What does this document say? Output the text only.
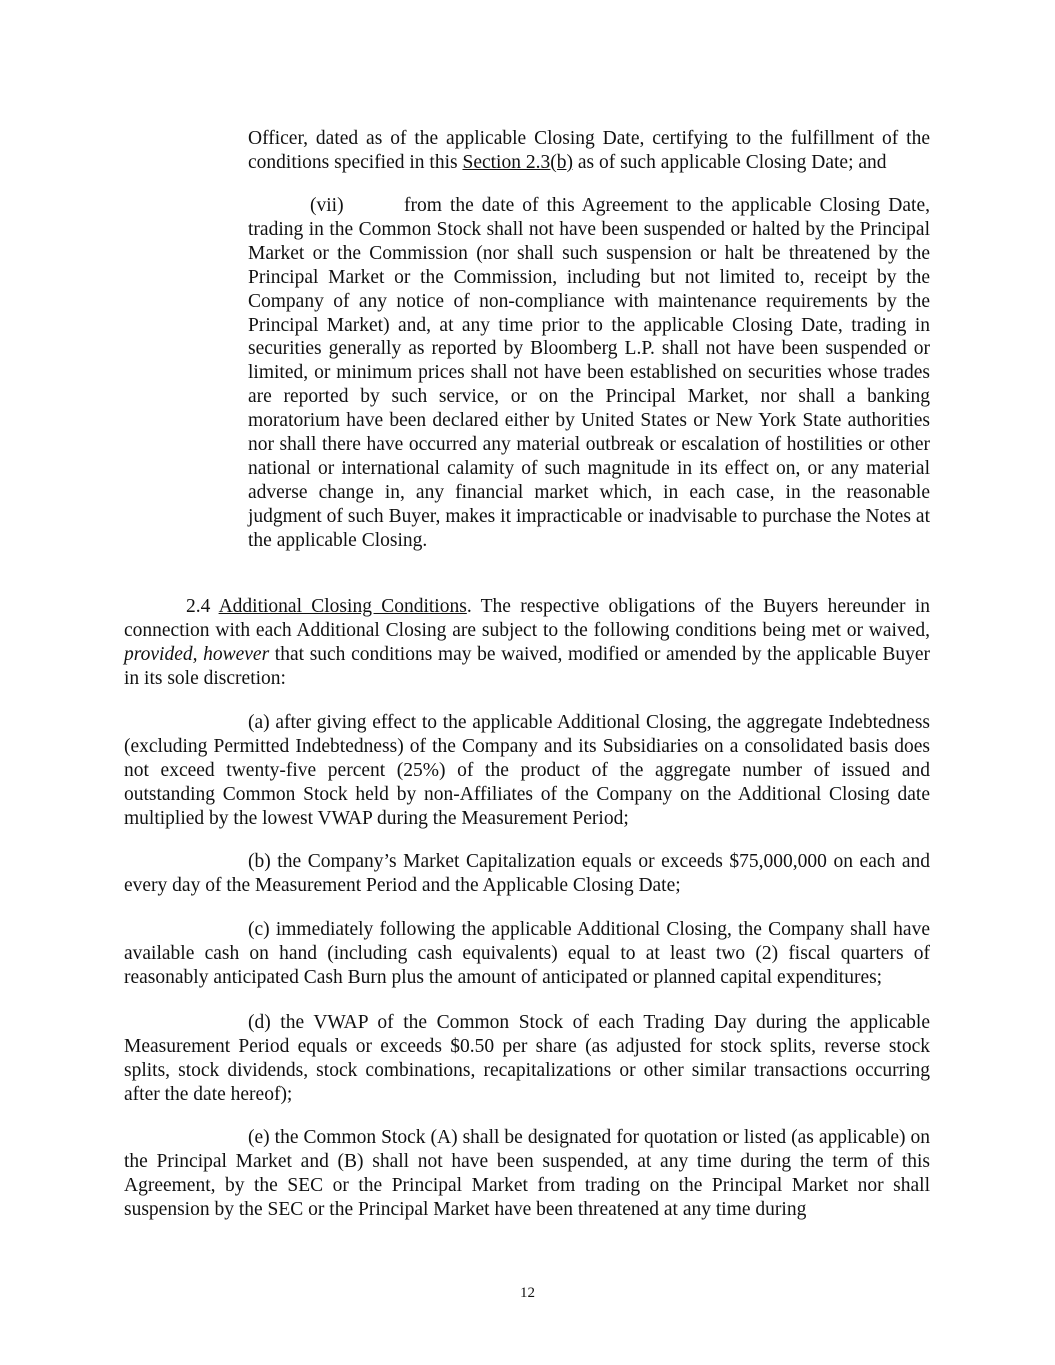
Officer, dated as of the applicable Closing Date, certifying to the fulfillment of the conditions specified in this Section 2.3(b) as of such applicable Closing Date; and

(vii)	from the date of this Agreement to the applicable Closing Date, trading in the Common Stock shall not have been suspended or halted by the Principal Market or the Commission (nor shall such suspension or halt be threatened by the Principal Market or the Commission, including but not limited to, receipt by the Company of any notice of non-compliance with maintenance requirements by the Principal Market) and, at any time prior to the applicable Closing Date, trading in securities generally as reported by Bloomberg L.P. shall not have been suspended or limited, or minimum prices shall not have been established on securities whose trades are reported by such service, or on the Principal Market, nor shall a banking moratorium have been declared either by United States or New York State authorities nor shall there have occurred any material outbreak or escalation of hostilities or other national or international calamity of such magnitude in its effect on, or any material adverse change in, any financial market which, in each case, in the reasonable judgment of such Buyer, makes it impracticable or inadvisable to purchase the Notes at the applicable Closing.

2.4 Additional Closing Conditions. The respective obligations of the Buyers hereunder in connection with each Additional Closing are subject to the following conditions being met or waived, provided, however that such conditions may be waived, modified or amended by the applicable Buyer in its sole discretion:

(a) after giving effect to the applicable Additional Closing, the aggregate Indebtedness (excluding Permitted Indebtedness) of the Company and its Subsidiaries on a consolidated basis does not exceed twenty-five percent (25%) of the product of the aggregate number of issued and outstanding Common Stock held by non-Affiliates of the Company on the Additional Closing date multiplied by the lowest VWAP during the Measurement Period;

(b) the Company’s Market Capitalization equals or exceeds $75,000,000 on each and every day of the Measurement Period and the Applicable Closing Date;

(c) immediately following the applicable Additional Closing, the Company shall have available cash on hand (including cash equivalents) equal to at least two (2) fiscal quarters of reasonably anticipated Cash Burn plus the amount of anticipated or planned capital expenditures;

(d) the VWAP of the Common Stock of each Trading Day during the applicable Measurement Period equals or exceeds $0.50 per share (as adjusted for stock splits, reverse stock splits, stock dividends, stock combinations, recapitalizations or other similar transactions occurring after the date hereof);

(e) the Common Stock (A) shall be designated for quotation or listed (as applicable) on the Principal Market and (B) shall not have been suspended, at any time during the term of this Agreement, by the SEC or the Principal Market from trading on the Principal Market nor shall suspension by the SEC or the Principal Market have been threatened at any time during

12
